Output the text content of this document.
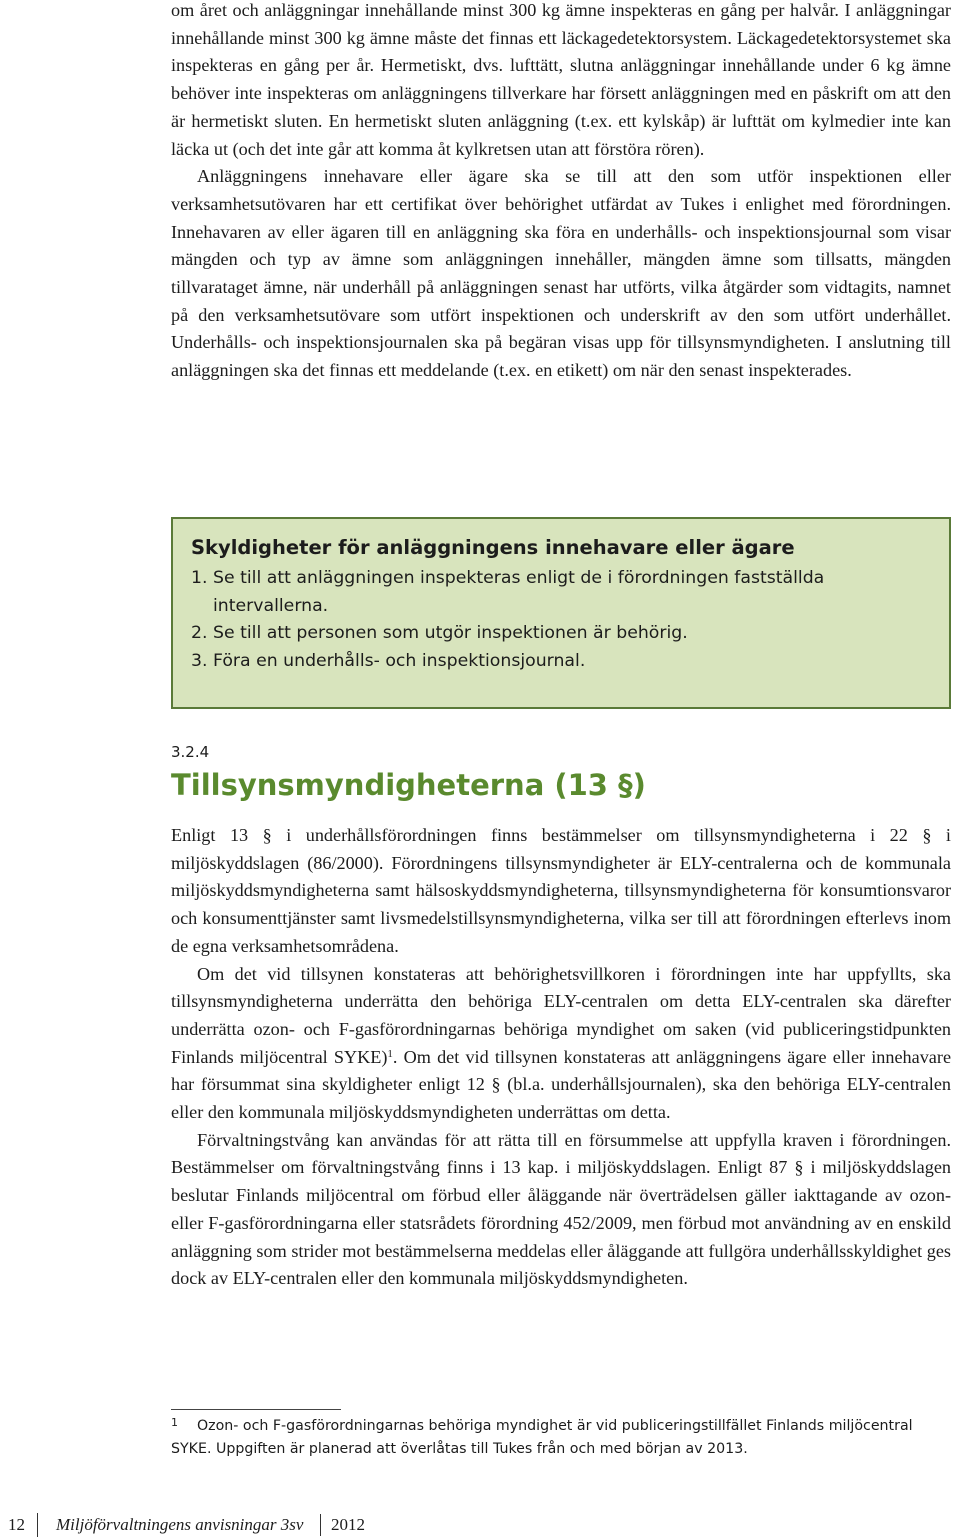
om året och anläggningar innehållande minst 300 kg ämne inspekteras en gång per halvår. I anläggningar innehållande minst 300 kg ämne måste det finnas ett läckagedetektorsystem. Läckagedetektorsystemet ska inspekteras en gång per år. Hermetiskt, dvs. lufttätt, slutna anläggningar innehållande under 6 kg ämne behöver inte inspekteras om anläggningens tillverkare har försett anläggningen med en påskrift om att den är hermetiskt sluten. En hermetiskt sluten anläggning (t.ex. ett kylskåp) är lufttät om kylmedier inte kan läcka ut (och det inte går att komma åt kylkretsen utan att förstöra rören).

Anläggningens innehavare eller ägare ska se till att den som utför inspektionen eller verksamhetsutövaren har ett certifikat över behörighet utfärdat av Tukes i enlighet med förordningen. Innehavaren av eller ägaren till en anläggning ska föra en underhålls- och inspektionsjournal som visar mängden och typ av ämne som anläggningen innehåller, mängden ämne som tillsatts, mängden tillvarataget ämne, när underhåll på anläggningen senast har utförts, vilka åtgärder som vidtagits, namnet på den verksamhetsutövare som utfört inspektionen och underskrift av den som utfört underhållet. Underhålls- och inspektionsjournalen ska på begäran visas upp för tillsynsmyndigheten. I anslutning till anläggningen ska det finnas ett meddelande (t.ex. en etikett) om när den senast inspekterades.

Skyldigheter för anläggningens innehavare eller ägare
1. Se till att anläggningen inspekteras enligt de i förordningen fastställda intervallerna.
2. Se till att personen som utgör inspektionen är behörig.
3. Föra en underhålls- och inspektionsjournal.
3.2.4
Tillsynsmyndigheterna (13 §)

Enligt 13 § i underhållsförordningen finns bestämmelser om tillsynsmyndigheterna i 22 § i miljöskyddslagen (86/2000). Förordningens tillsynsmyndigheter är ELY-centralerna och de kommunala miljöskyddsmyndigheterna samt hälsoskyddsmyndigheterna, tillsynsmyndigheterna för konsumtionsvaror och konsumenttjänster samt livsmedelstillsynsmyndigheterna, vilka ser till att förordningen efterlevs inom de egna verksamhetsområdena.

Om det vid tillsynen konstateras att behörighetsvillkoren i förordningen inte har uppfyllts, ska tillsynsmyndigheterna underrätta den behöriga ELY-centralen om detta ELY-centralen ska därefter underrätta ozon- och F-gasförordningarnas behöriga myndighet om saken (vid publiceringstidpunkten Finlands miljöcentral SYKE)$^1$. Om det vid tillsynen konstateras att anläggningens ägare eller innehavare har försummat sina skyldigheter enligt 12 § (bl.a. underhållsjournalen), ska den behöriga ELY-centralen eller den kommunala miljöskyddsmyndigheten underrättas om detta.

Förvaltningstvång kan användas för att rätta till en försummelse att uppfylla kraven i förordningen. Bestämmelser om förvaltningstvång finns i 13 kap. i miljöskyddslagen. Enligt 87 § i miljöskyddslagen beslutar Finlands miljöcentral om förbud eller åläggande när överträdelsen gäller iakttagande av ozon- eller F-gasförordningarna eller statsrådets förordning 452/2009, men förbud mot användning av en enskild anläggning som strider mot bestämmelserna meddelas eller åläggande att fullgöra underhållsskyldighet ges dock av ELY-centralen eller den kommunala miljöskyddsmyndigheten.

1 Ozon- och F-gasförordningarnas behöriga myndighet är vid publiceringstillfället Finlands miljöcentral SYKE. Uppgiften är planerad att överlåtas till Tukes från och med början av 2013.
12 Miljöförvaltningens anvisningar 3sv 2012
